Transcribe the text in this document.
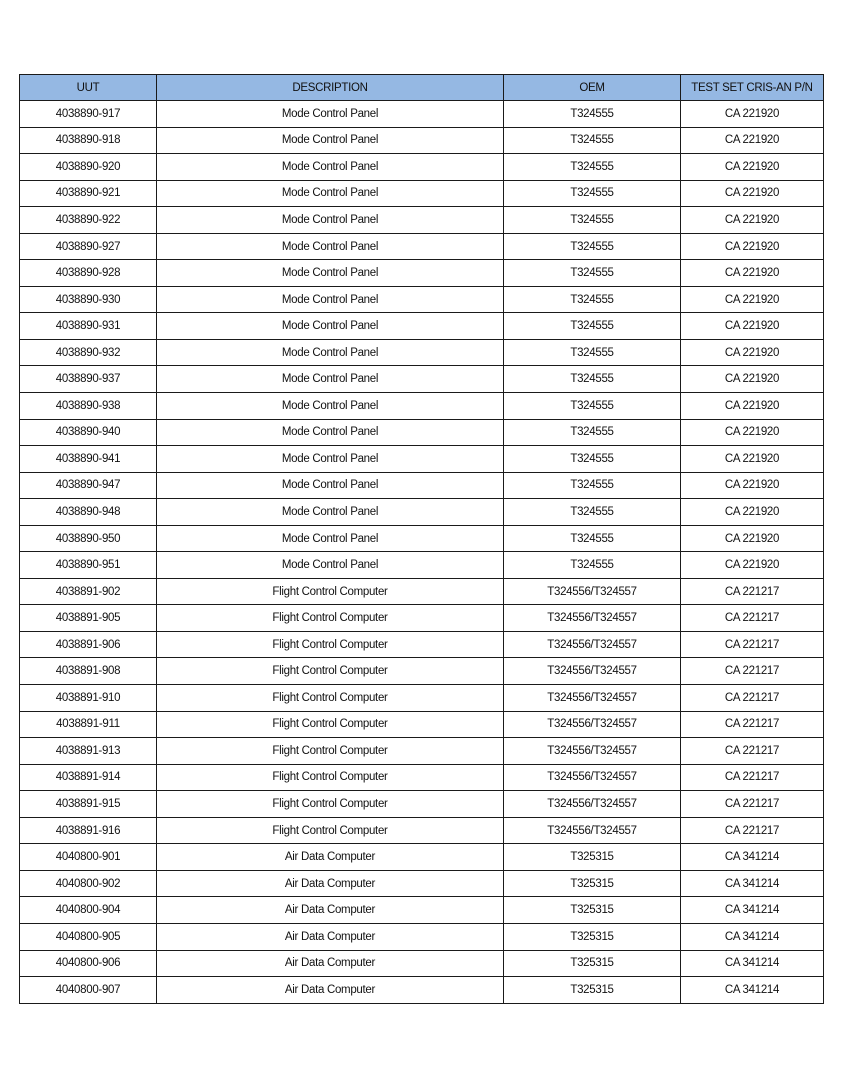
UUT	DESCRIPTION	OEM	TEST SET CRIS-AN P/N
4038890-917	Mode Control Panel	T324555	CA 221920
4038890-918	Mode Control Panel	T324555	CA 221920
4038890-920	Mode Control Panel	T324555	CA 221920
4038890-921	Mode Control Panel	T324555	CA 221920
4038890-922	Mode Control Panel	T324555	CA 221920
4038890-927	Mode Control Panel	T324555	CA 221920
4038890-928	Mode Control Panel	T324555	CA 221920
4038890-930	Mode Control Panel	T324555	CA 221920
4038890-931	Mode Control Panel	T324555	CA 221920
4038890-932	Mode Control Panel	T324555	CA 221920
4038890-937	Mode Control Panel	T324555	CA 221920
4038890-938	Mode Control Panel	T324555	CA 221920
4038890-940	Mode Control Panel	T324555	CA 221920
4038890-941	Mode Control Panel	T324555	CA 221920
4038890-947	Mode Control Panel	T324555	CA 221920
4038890-948	Mode Control Panel	T324555	CA 221920
4038890-950	Mode Control Panel	T324555	CA 221920
4038890-951	Mode Control Panel	T324555	CA 221920
4038891-902	Flight Control Computer	T324556/T324557	CA 221217
4038891-905	Flight Control Computer	T324556/T324557	CA 221217
4038891-906	Flight Control Computer	T324556/T324557	CA 221217
4038891-908	Flight Control Computer	T324556/T324557	CA 221217
4038891-910	Flight Control Computer	T324556/T324557	CA 221217
4038891-911	Flight Control Computer	T324556/T324557	CA 221217
4038891-913	Flight Control Computer	T324556/T324557	CA 221217
4038891-914	Flight Control Computer	T324556/T324557	CA 221217
4038891-915	Flight Control Computer	T324556/T324557	CA 221217
4038891-916	Flight Control Computer	T324556/T324557	CA 221217
4040800-901	Air Data Computer	T325315	CA 341214
4040800-902	Air Data Computer	T325315	CA 341214
4040800-904	Air Data Computer	T325315	CA 341214
4040800-905	Air Data Computer	T325315	CA 341214
4040800-906	Air Data Computer	T325315	CA 341214
4040800-907	Air Data Computer	T325315	CA 341214
